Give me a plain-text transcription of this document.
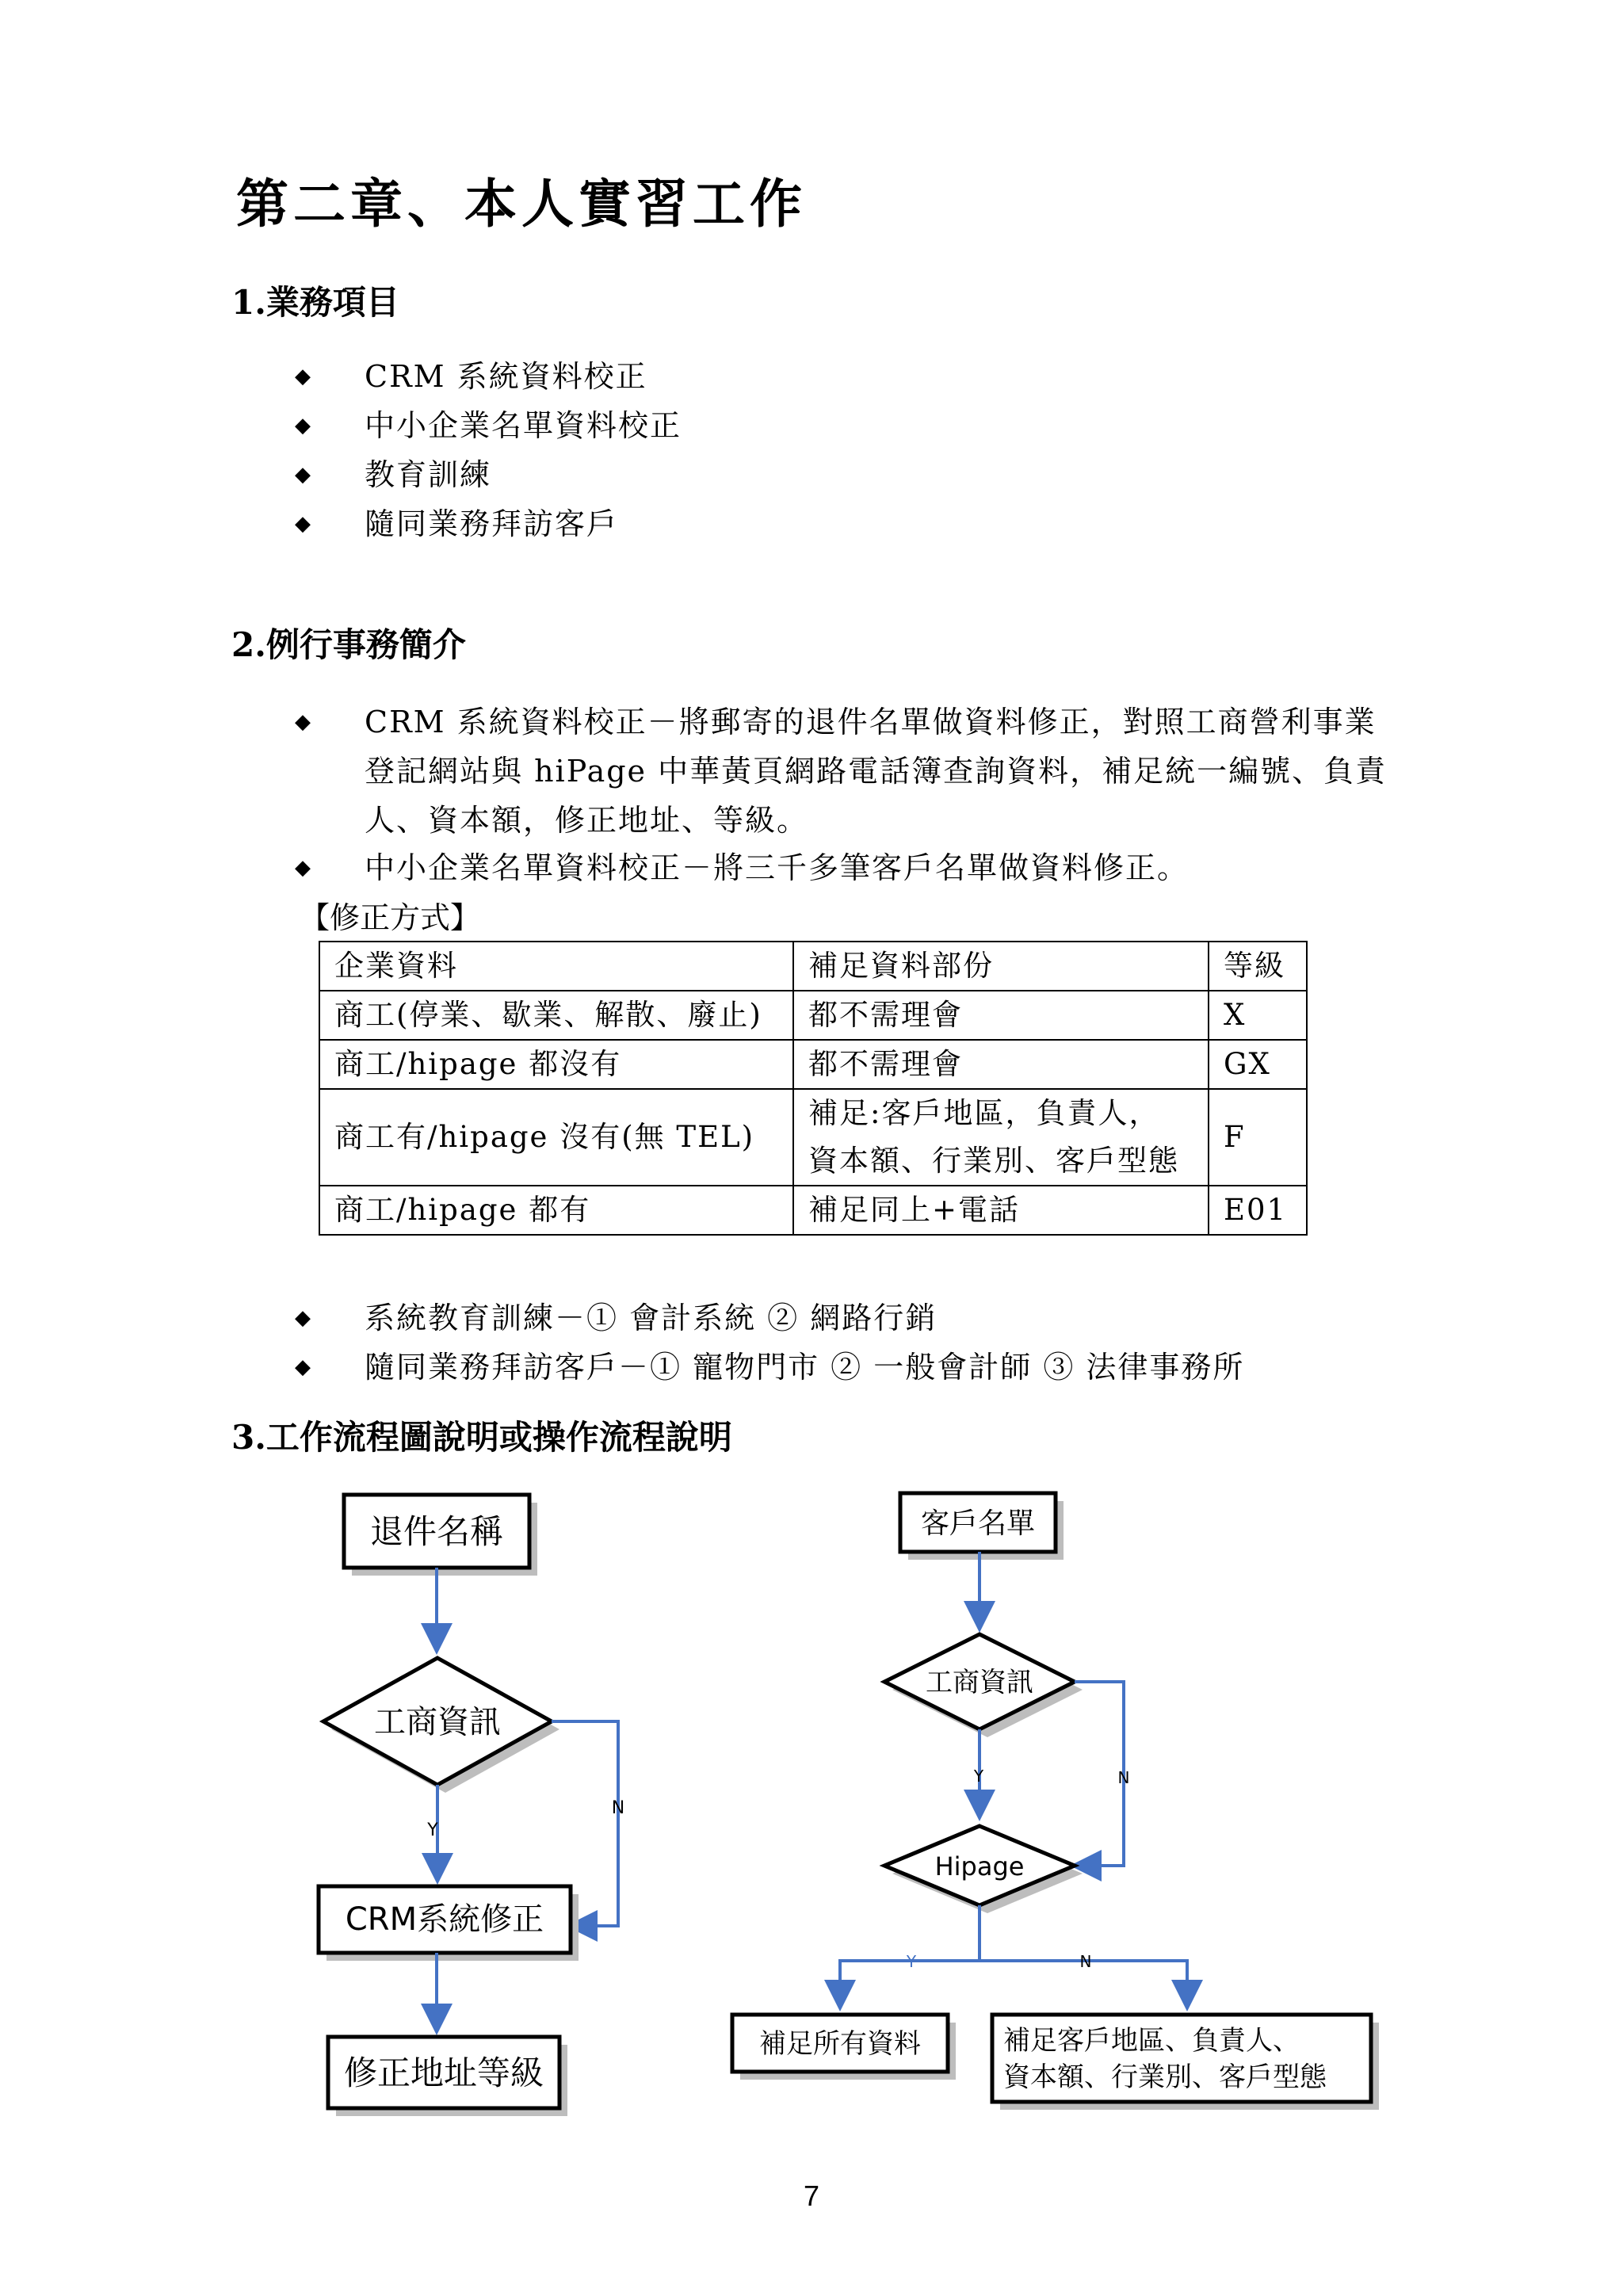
第二章、本人實習工作
1.業務項目
◆ CRM 系統資料校正
◆ 中小企業名單資料校正
◆ 教育訓練
◆ 隨同業務拜訪客戶
2.例行事務簡介
◆ CRM 系統資料校正－將郵寄的退件名單做資料修正，對照工商營利事業
登記網站與 hiPage 中華黃頁網路電話簿查詢資料，補足統一編號、負責
人、資本額，修正地址、等級。
◆ 中小企業名單資料校正－將三千多筆客戶名單做資料修正。
【修正方式】
企業資料	補足資料部份	等級
商工(停業、歇業、解散、廢止)	都不需理會	X
商工/hipage 都沒有	都不需理會	GX
商工有/hipage 沒有(無 TEL)	補足:客戶地區，負責人，
資本額、行業別、客戶型態	F
商工/hipage 都有	補足同上+電話	E01
◆ 系統教育訓練－① 會計系統 ② 網路行銷
◆ 隨同業務拜訪客戶－① 寵物門市 ② 一般會計師 ③ 法律事務所
3.工作流程圖說明或操作流程說明
退件名稱
工商資訊
Y
N
CRM系統修正
修正地址等級
客戶名單
工商資訊
Y	N
Hipage
Y	N
補足所有資料	補足客戶地區、負責人、
資本額、行業別、客戶型態
7
